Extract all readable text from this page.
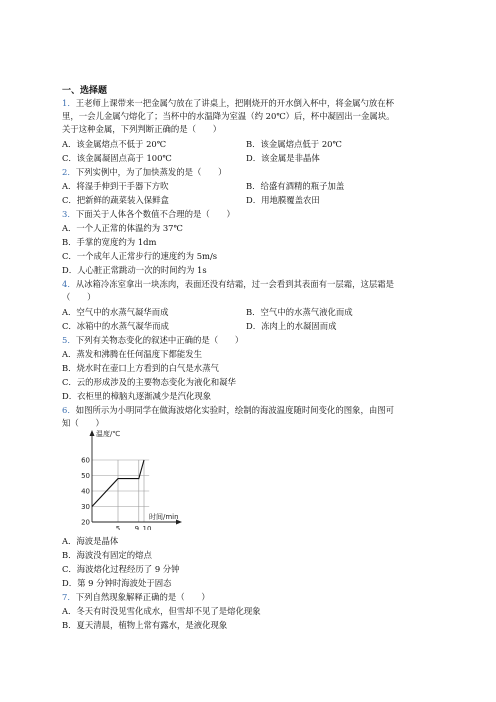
一、选择题
1．王老师上课带来一把金属勺放在了讲桌上，把刚烧开的开水倒入杯中，将金属勺放在杯
里，一会儿金属勺熔化了；当杯中的水温降为室温（约 20℃）后，杯中凝固出一金属块。
关于这种金属，下列判断正确的是（　　）
A．该金属熔点不低于 20℃	B．该金属熔点低于 20℃
C．该金属凝固点高于 100℃	D．该金属是非晶体
2．下列实例中，为了加快蒸发的是（　　）
A．将湿手伸到干手器下方吹	B．给盛有酒精的瓶子加盖
C．把新鲜的蔬菜装入保鲜盒	D．用地膜覆盖农田
3．下面关于人体各个数值不合理的是（　　）
A．一个人正常的体温约为 37℃
B．手掌的宽度约为 1dm
C．一个成年人正常步行的速度约为 5m/s
D．人心脏正常跳动一次的时间约为 1s
4．从冰箱冷冻室拿出一块冻肉，表面还没有结霜，过一会看到其表面有一层霜，这层霜是
（　　）
A．空气中的水蒸气凝华而成	B．空气中的水蒸气液化而成
C．冰箱中的水蒸气凝华而成	D．冻肉上的水凝固而成
5．下列有关物态变化的叙述中正确的是（　　）
A．蒸发和沸腾在任何温度下都能发生
B．烧水时在壶口上方看到的白气是水蒸气
C．云的形成涉及的主要物态变化为液化和凝华
D．衣柜里的樟脑丸逐渐减少是汽化现象
6．如图所示为小明同学在做海波熔化实验时，绘制的海波温度随时间变化的图象，由图可
知（　　）
60
50
40
30
20
5 9 10
温度/℃
时间/min
A．海波是晶体
B．海波没有固定的熔点
C．海波熔化过程经历了 9 分钟
D．第 9 分钟时海波处于固态
7．下列自然现象解释正确的是（　　）
A．冬天有时没见雪化成水，但雪却不见了是熔化现象
B．夏天清晨，植物上常有露水，是液化现象
